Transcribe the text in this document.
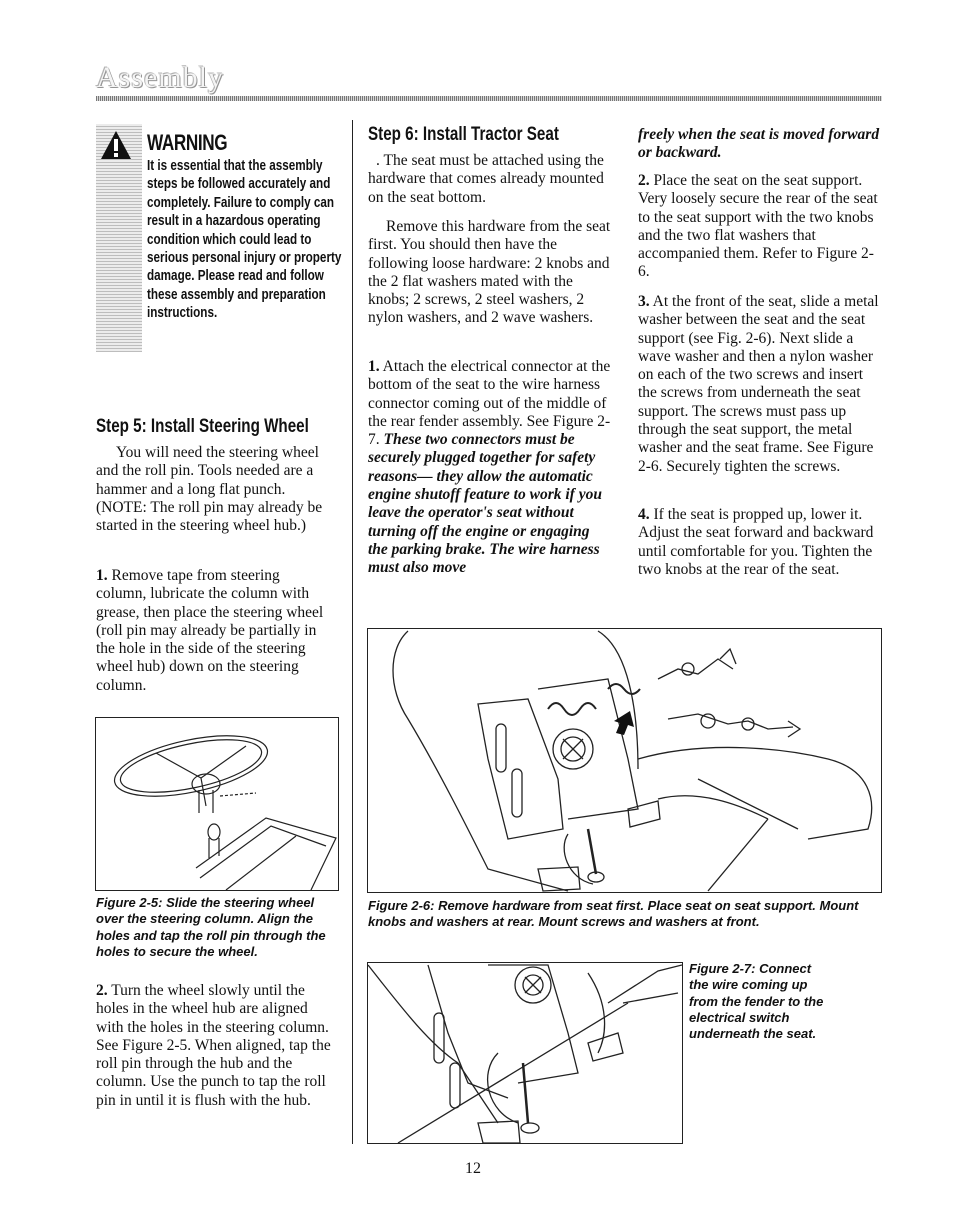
Assembly
WARNING
It is essential that the assembly steps be followed accurately and completely. Failure to comply can result in a hazardous operating condition which could lead to serious personal injury or property damage. Please read and follow these assembly and preparation instructions.
Step 5: Install Steering Wheel

You will need the steering wheel and the roll pin. Tools needed are a hammer and a long flat punch. (NOTE: The roll pin may already be started in the steering wheel hub.)

1. Remove tape from steering column, lubricate the column with grease, then place the steering wheel (roll pin may already be partially in the hole in the side of the steering wheel hub) down on the steering column.

Figure 2-5: Slide the steering wheel over the steering column. Align the holes and tap the roll pin through the holes to secure the wheel.

2. Turn the wheel slowly until the holes in the wheel hub are aligned with the holes in the steering column. See Figure 2-5. When aligned, tap the roll pin through the hub and the column. Use the punch to tap the roll pin in until it is flush with the hub.

Step 6: Install Tractor Seat

. The seat must be attached using the hardware that comes already mounted on the seat bottom.

Remove this hardware from the seat first. You should then have the following loose hardware: 2 knobs and the 2 flat washers mated with the knobs; 2 screws, 2 steel washers, 2 nylon washers, and 2 wave washers.

1. Attach the electrical connector at the bottom of the seat to the wire harness connector coming out of the middle of the rear fender assembly. See Figure 2-7. These two connectors must be securely plugged together for safety reasons— they allow the automatic engine shutoff feature to work if you leave the operator's seat without turning off the engine or engaging the parking brake. The wire harness must also move

freely when the seat is moved forward or backward.

2. Place the seat on the seat support. Very loosely secure the rear of the seat to the seat support with the two knobs and the two flat washers that accompanied them. Refer to Figure 2-6.

3. At the front of the seat, slide a metal washer between the seat and the seat support (see Fig. 2-6). Next slide a wave washer and then a nylon washer on each of the two screws and insert the screws from underneath the seat support. The screws must pass up through the seat support, the metal washer and the seat frame. See Figure 2-6. Securely tighten the screws.

4. If the seat is propped up, lower it. Adjust the seat forward and backward until comfortable for you. Tighten the two knobs at the rear of the seat.

Figure 2-6: Remove hardware from seat first. Place seat on seat support. Mount knobs and washers at rear. Mount screws and washers at front.

Figure 2-7: Connect the wire coming up from the fender to the electrical switch underneath the seat.

12
